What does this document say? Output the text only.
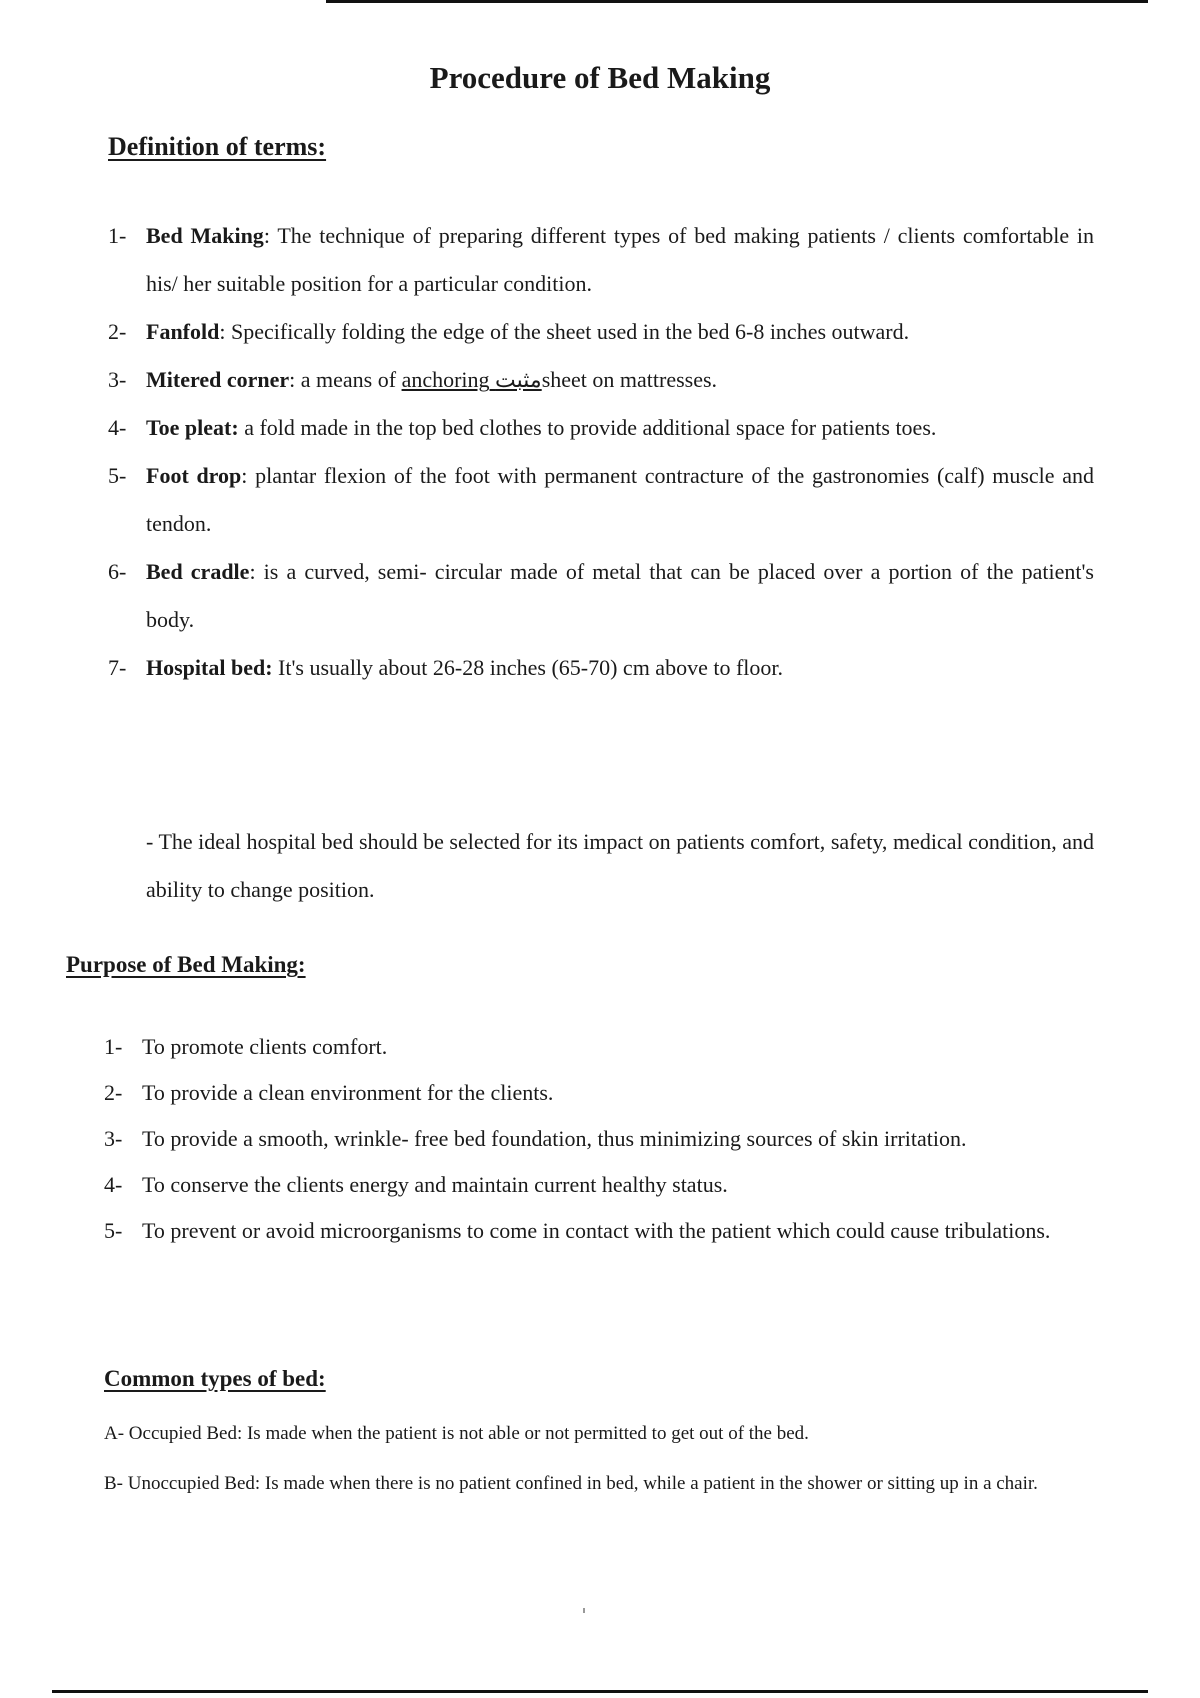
Procedure of Bed Making
Definition of terms:
1- Bed Making: The technique of preparing different types of bed making patients / clients comfortable in his/ her suitable position for a particular condition.
2- Fanfold: Specifically folding the edge of the sheet used in the bed 6-8 inches outward.
3- Mitered corner: a means of anchoring مثبتsheet on mattresses.
4- Toe pleat: a fold made in the top bed clothes to provide additional space for patients toes.
5- Foot drop: plantar flexion of the foot with permanent contracture of the gastronomies (calf) muscle and tendon.
6- Bed cradle: is a curved, semi- circular made of metal that can be placed over a portion of the patient's body.
7- Hospital bed: It's usually about 26-28 inches (65-70) cm above to floor.

- The ideal hospital bed should be selected for its impact on patients comfort, safety, medical condition, and ability to change position.

Purpose of Bed Making:
1- To promote clients comfort.
2- To provide a clean environment for the clients.
3- To provide a smooth, wrinkle- free bed foundation, thus minimizing sources of skin irritation.
4- To conserve the clients energy and maintain current healthy status.
5- To prevent or avoid microorganisms to come in contact with the patient which could cause tribulations.
Common types of bed:

A- Occupied Bed: Is made when the patient is not able or not permitted to get out of the bed.

B- Unoccupied Bed: Is made when there is no patient confined in bed, while a patient in the shower or sitting up in a chair.
